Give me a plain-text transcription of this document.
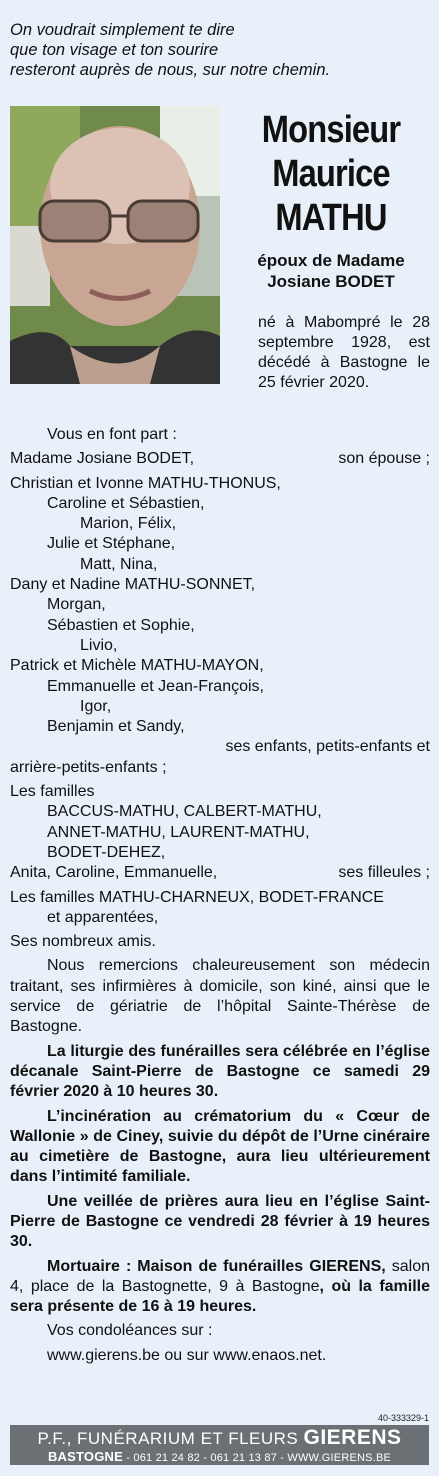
On voudrait simplement te dire
que ton visage et ton sourire
resteront auprès de nous, sur notre chemin.
Monsieur
Maurice
MATHU
époux de Madame
Josiane BODET
né à Mabompré le 28 septembre 1928, est décédé à Bastogne le 25 février 2020.
Vous en font part :
Madame Josiane BODET,	son épouse ;
Christian et Ivonne MATHU-THONUS,
Caroline et Sébastien,
Marion, Félix,
Julie et Stéphane,
Matt, Nina,
Dany et Nadine MATHU-SONNET,
Morgan,
Sébastien et Sophie,
Livio,
Patrick et Michèle MATHU-MAYON,
Emmanuelle et Jean-François,
Igor,
Benjamin et Sandy,
ses enfants, petits-enfants et
arrière-petits-enfants ;
Les familles
BACCUS-MATHU, CALBERT-MATHU,
ANNET-MATHU, LAURENT-MATHU,
BODET-DEHEZ,
Anita, Caroline, Emmanuelle,	ses filleules ;
Les familles MATHU-CHARNEUX, BODET-FRANCE
et apparentées,
Ses nombreux amis.
Nous remercions chaleureusement son médecin traitant, ses infirmières à domicile, son kiné, ainsi que le service de gériatrie de l’hôpital Sainte-Thérèse de Bastogne.
La liturgie des funérailles sera célébrée en l’église décanale Saint-Pierre de Bastogne ce samedi 29 février 2020 à 10 heures 30.
L’incinération au crématorium du « Cœur de Wallonie » de Ciney, suivie du dépôt de l’Urne cinéraire au cimetière de Bastogne, aura lieu ultérieurement dans l’intimité familiale.
Une veillée de prières aura lieu en l’église Saint-Pierre de Bastogne ce vendredi 28 février à 19 heures 30.
Mortuaire : Maison de funérailles GIERENS, salon 4, place de la Bastognette, 9 à Bastogne, où la famille sera présente de 16 à 19 heures.
Vos condoléances sur :
www.gierens.be ou sur www.enaos.net.
40-333329-1
P.F., FUNÉRARIUM ET FLEURS GIERENS
BASTOGNE - 061 21 24 82 - 061 21 13 87 - WWW.GIERENS.BE
